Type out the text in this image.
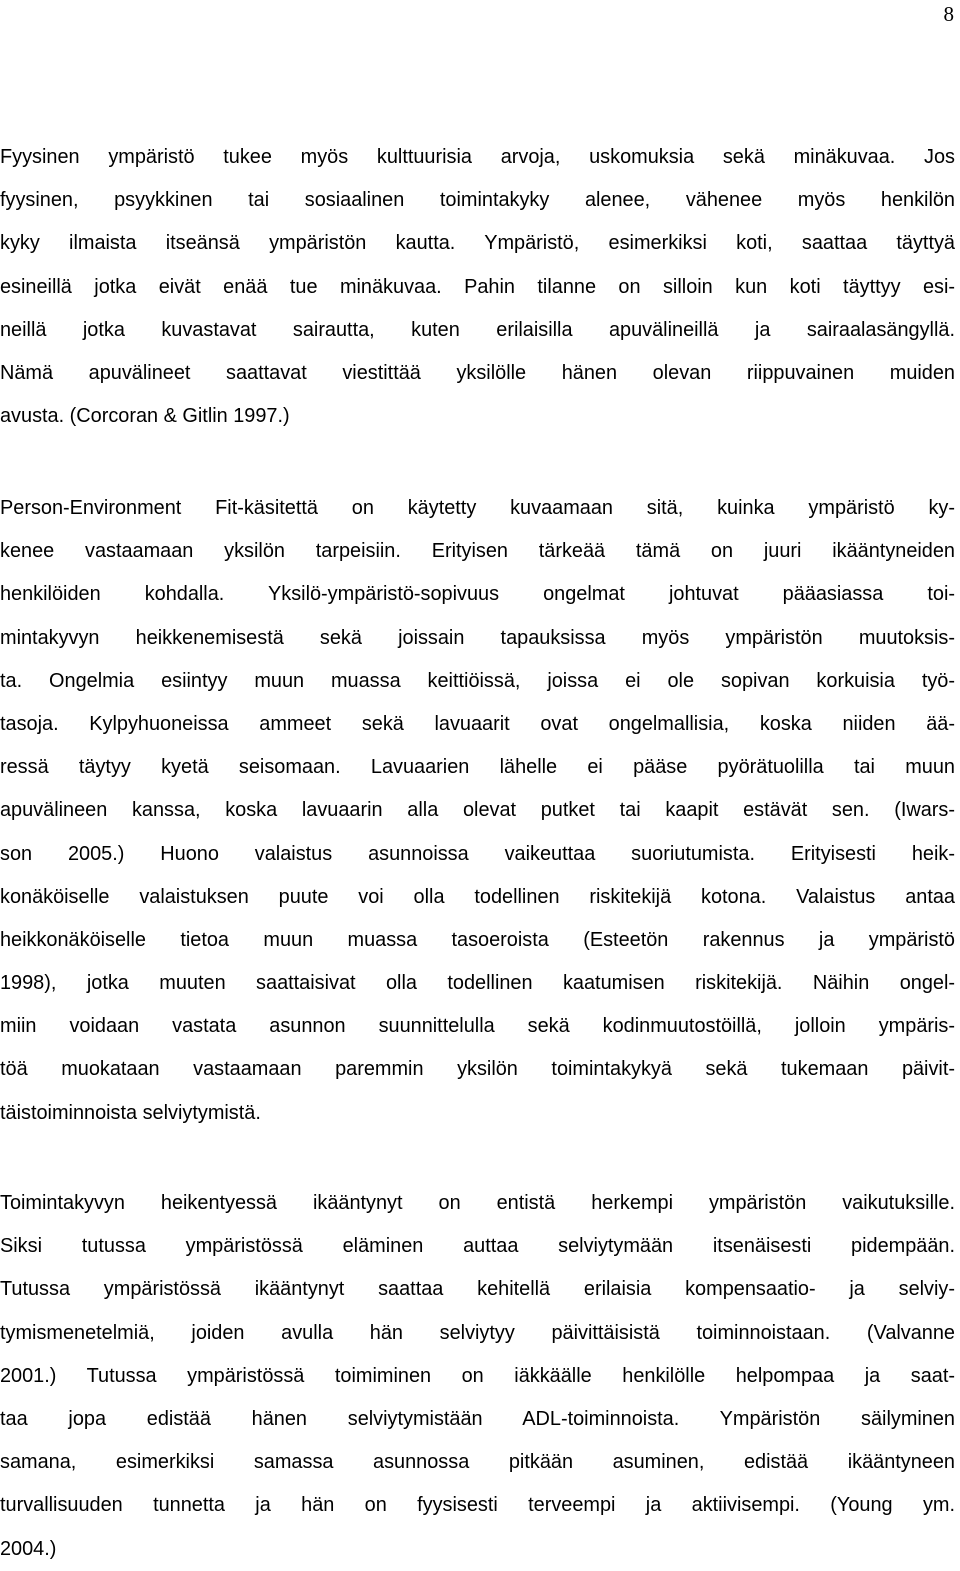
8
Fyysinen ympäristö tukee myös kulttuurisia arvoja, uskomuksia sekä minäkuvaa. Jos
fyysinen, psyykkinen tai sosiaalinen toimintakyky alenee, vähenee myös henkilön
kyky ilmaista itseänsä ympäristön kautta. Ympäristö, esimerkiksi koti, saattaa täyttyä
esineillä jotka eivät enää tue minäkuvaa. Pahin tilanne on silloin kun koti täyttyy esi-
neillä jotka kuvastavat sairautta, kuten erilaisilla apuvälineillä ja sairaalasängyllä.
Nämä apuvälineet saattavat viestittää yksilölle hänen olevan riippuvainen muiden
avusta. (Corcoran & Gitlin 1997.)
Person-Environment Fit-käsitettä on käytetty kuvaamaan sitä, kuinka ympäristö ky-
kenee vastaamaan yksilön tarpeisiin. Erityisen tärkeää tämä on juuri ikääntyneiden
henkilöiden kohdalla. Yksilö-ympäristö-sopivuus ongelmat johtuvat pääasiassa toi-
mintakyvyn heikkenemisestä sekä joissain tapauksissa myös ympäristön muutoksis-
ta. Ongelmia esiintyy muun muassa keittiöissä, joissa ei ole sopivan korkuisia työ-
tasoja. Kylpyhuoneissa ammeet sekä lavuaarit ovat ongelmallisia, koska niiden ää-
ressä täytyy kyetä seisomaan. Lavuaarien lähelle ei pääse pyörätuolilla tai muun
apuvälineen kanssa, koska lavuaarin alla olevat putket tai kaapit estävät sen. (Iwars-
son 2005.) Huono valaistus asunnoissa vaikeuttaa suoriutumista. Erityisesti heik-
konäköiselle valaistuksen puute voi olla todellinen riskitekijä kotona. Valaistus antaa
heikkonäköiselle tietoa muun muassa tasoeroista (Esteetön rakennus ja ympäristö
1998), jotka muuten saattaisivat olla todellinen kaatumisen riskitekijä. Näihin ongel-
miin voidaan vastata asunnon suunnittelulla sekä kodinmuutostöillä, jolloin ympäris-
töä muokataan vastaamaan paremmin yksilön toimintakykyä sekä tukemaan päivit-
täistoiminnoista selviytymistä.
Toimintakyvyn heikentyessä ikääntynyt on entistä herkempi ympäristön vaikutuksille.
Siksi tutussa ympäristössä eläminen auttaa selviytymään itsenäisesti pidempään.
Tutussa ympäristössä ikääntynyt saattaa kehitellä erilaisia kompensaatio- ja selviy-
tymismenetelmiä, joiden avulla hän selviytyy päivittäisistä toiminnoistaan. (Valvanne
2001.) Tutussa ympäristössä toimiminen on iäkkäälle henkilölle helpompaa ja saat-
taa jopa edistää hänen selviytymistään ADL-toiminnoista. Ympäristön säilyminen
samana, esimerkiksi samassa asunnossa pitkään asuminen, edistää ikääntyneen
turvallisuuden tunnetta ja hän on fyysisesti terveempi ja aktiivisempi. (Young ym.
2004.)
